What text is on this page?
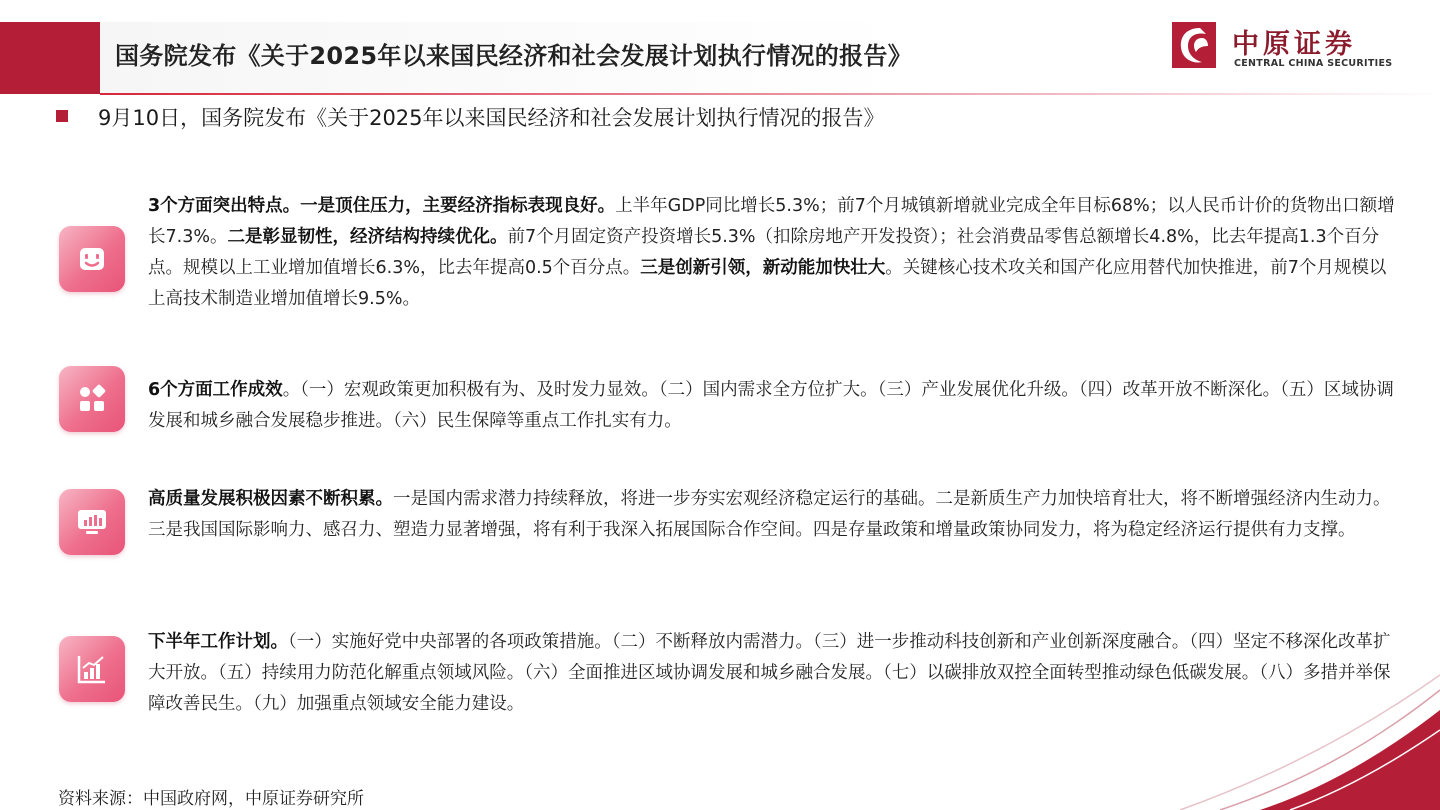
国务院发布《关于2025年以来国民经济和社会发展计划执行情况的报告》	中原证券
CENTRAL CHINA SECURITIES
9月10日，国务院发布《关于2025年以来国民经济和社会发展计划执行情况的报告》
3个方面突出特点。一是顶住压力，主要经济指标表现良好。上半年GDP同比增长5.3%；前7个月城镇新增就业完成全年目标68%；以人民币计价的货物出口额增长7.3%。二是彰显韧性，经济结构持续优化。前7个月固定资产投资增长5.3%（扣除房地产开发投资）；社会消费品零售总额增长4.8%，比去年提高1.3个百分点。规模以上工业增加值增长6.3%，比去年提高0.5个百分点。三是创新引领，新动能加快壮大。关键核心技术攻关和国产化应用替代加快推进，前7个月规模以上高技术制造业增加值增长9.5%。
6个方面工作成效。（一）宏观政策更加积极有为、及时发力显效。（二）国内需求全方位扩大。（三）产业发展优化升级。（四）改革开放不断深化。（五）区域协调发展和城乡融合发展稳步推进。（六）民生保障等重点工作扎实有力。
高质量发展积极因素不断积累。一是国内需求潜力持续释放，将进一步夯实宏观经济稳定运行的基础。二是新质生产力加快培育壮大，将不断增强经济内生动力。三是我国国际影响力、感召力、塑造力显著增强，将有利于我深入拓展国际合作空间。四是存量政策和增量政策协同发力，将为稳定经济运行提供有力支撑。
下半年工作计划。（一）实施好党中央部署的各项政策措施。（二）不断释放内需潜力。（三）进一步推动科技创新和产业创新深度融合。（四）坚定不移深化改革扩大开放。（五）持续用力防范化解重点领域风险。（六）全面推进区域协调发展和城乡融合发展。（七）以碳排放双控全面转型推动绿色低碳发展。（八）多措并举保障改善民生。（九）加强重点领域安全能力建设。
资料来源：中国政府网，中原证券研究所
